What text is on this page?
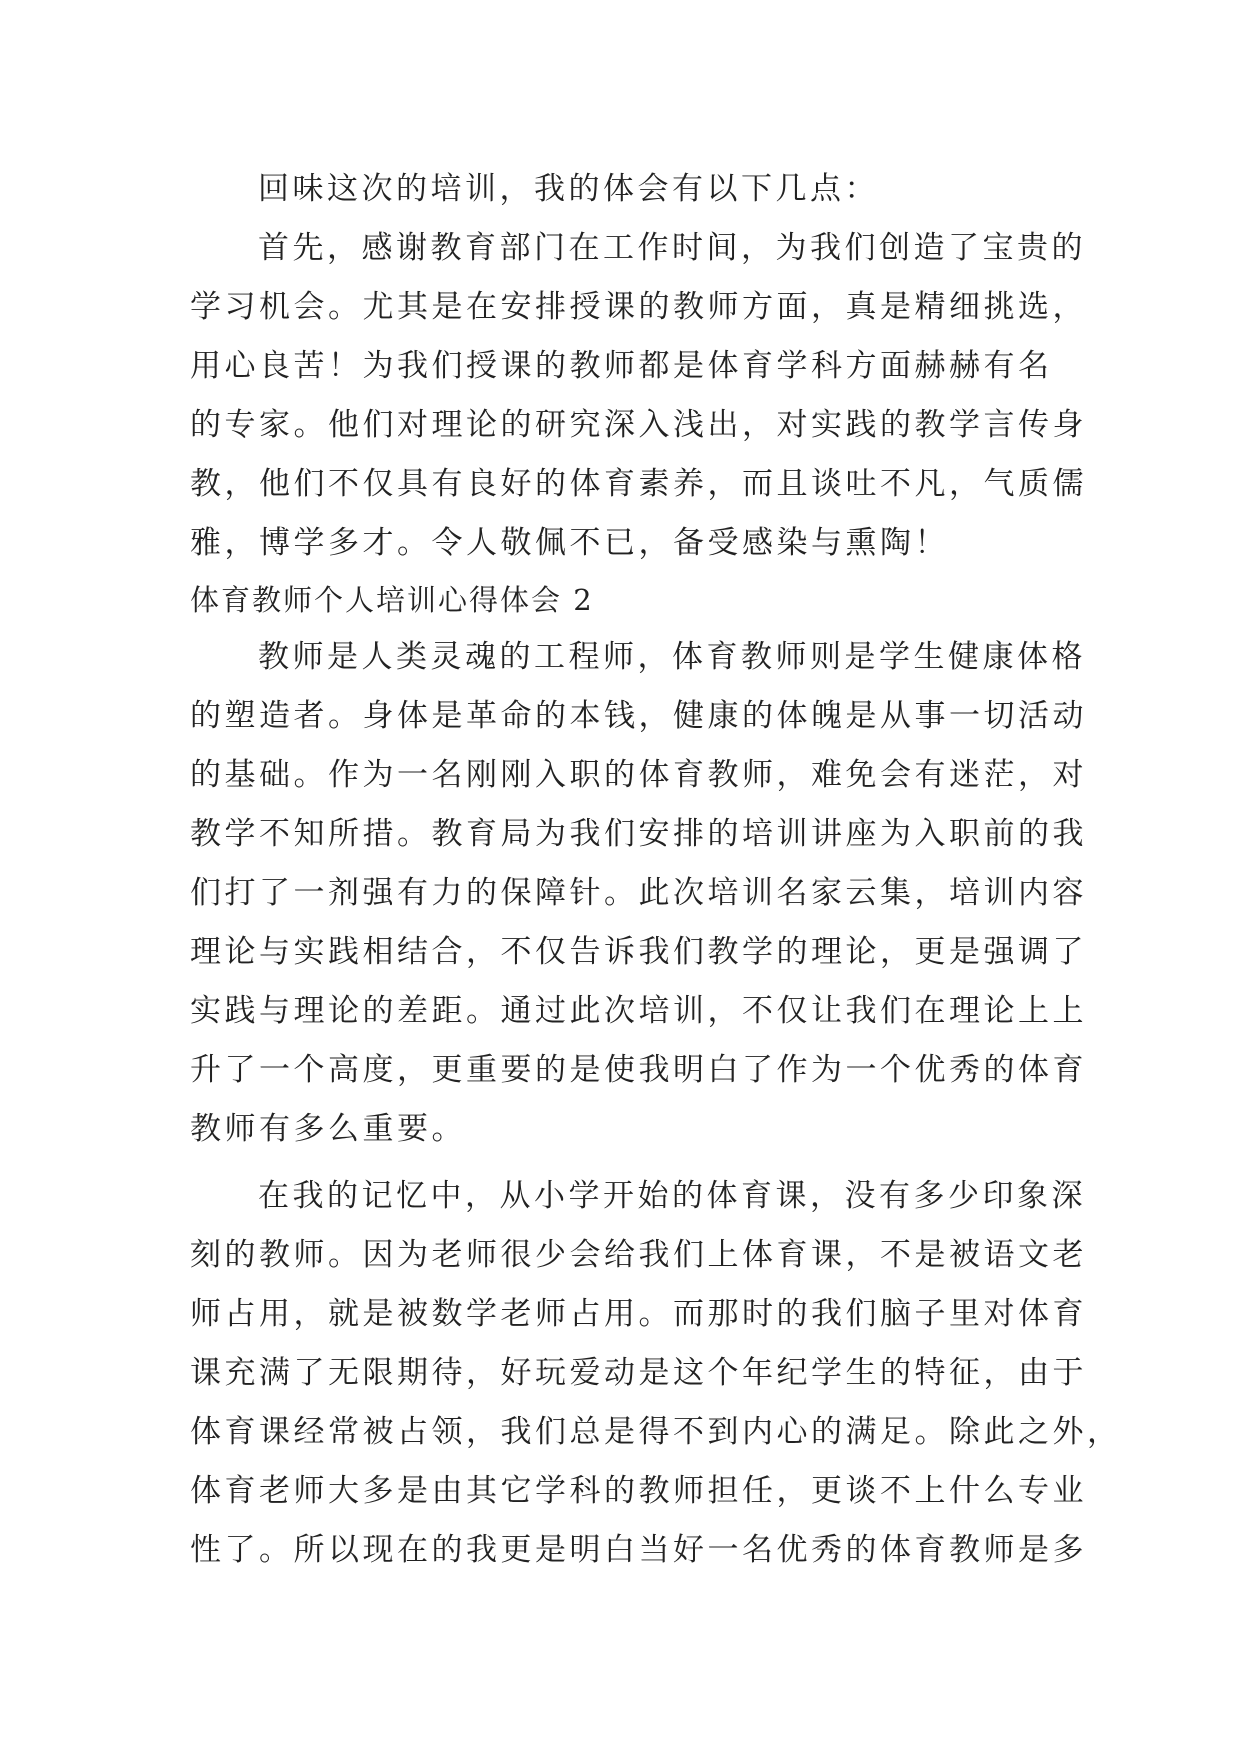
回味这次的培训，我的体会有以下几点：
首先，感谢教育部门在工作时间，为我们创造了宝贵的
学习机会。尤其是在安排授课的教师方面，真是精细挑选，
用心良苦！为我们授课的教师都是体育学科方面赫赫有名
的专家。他们对理论的研究深入浅出，对实践的教学言传身
教，他们不仅具有良好的体育素养，而且谈吐不凡，气质儒
雅，博学多才。令人敬佩不已，备受感染与熏陶！
体育教师个人培训心得体会 2
教师是人类灵魂的工程师，体育教师则是学生健康体格
的塑造者。身体是革命的本钱，健康的体魄是从事一切活动
的基础。作为一名刚刚入职的体育教师，难免会有迷茫，对
教学不知所措。教育局为我们安排的培训讲座为入职前的我
们打了一剂强有力的保障针。此次培训名家云集，培训内容
理论与实践相结合，不仅告诉我们教学的理论，更是强调了
实践与理论的差距。通过此次培训，不仅让我们在理论上上
升了一个高度，更重要的是使我明白了作为一个优秀的体育
教师有多么重要。
在我的记忆中，从小学开始的体育课，没有多少印象深
刻的教师。因为老师很少会给我们上体育课，不是被语文老
师占用，就是被数学老师占用。而那时的我们脑子里对体育
课充满了无限期待，好玩爱动是这个年纪学生的特征，由于
体育课经常被占领，我们总是得不到内心的满足。除此之外，
体育老师大多是由其它学科的教师担任，更谈不上什么专业
性了。所以现在的我更是明白当好一名优秀的体育教师是多
